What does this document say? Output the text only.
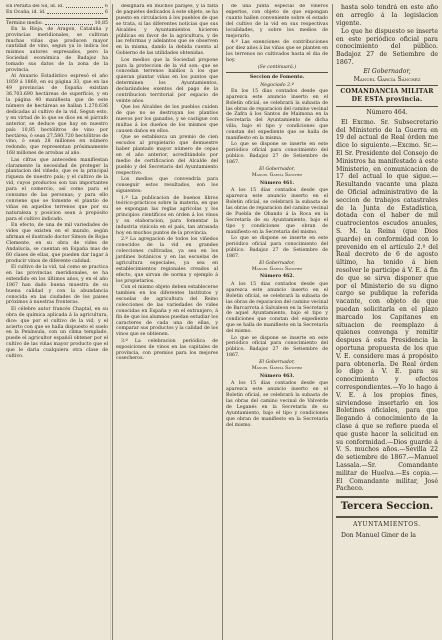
En Peralta del Sil, id. id.	6
En Ocaña, id. id.	6
Termino medio.	10,85

En la Rioja, de Aragon, Cataluña y provincias meridionales, se cultivan muchas viñas que producen mayor cantidad de vino, segun ya lo indica los mismos autores espresados, pero la Sociedad económica de Badajoz ha tomado sus datos de la zona de la provincia.

Al Anuario Estadístico espresó el año 1859 á 1860, en su página 33, que en las 49 provincias de España existian 36.703.690 hectáreas de superficie, y en la página 40 manifiesta que de este número de hectáreas se hallan 1.270.636 dedicadas al cultivo de la vid. Segun esto, y en virtud de lo que se dice en el párrafo anterior, se deduce que hay en nuestro país 10,85 hectólitros de vino por hectárea, ó sean 27,580.720 hectólitros de vino, ó sean 28 millones en número redondo, que representan próximamente 168 millones de arrobas al año.

Las cifras que anteceden manifiestan claramente la necesidad de proteger la plantacion del viñedo, que es la principal riqueza de nuestro país; y el cultivo de la vid, cuyos productos son tan importantes para el comercio, así como para el consumo de las personas; y para ello conviene que se fomente el plantío de viñas en aquellos terrenos que por su naturaleza y posicion sean á propósito para el cultivo indicado.

En efecto, de una de mil variedades de vides que existen en el mundo, según afirman el ilustrado doctor Simon de Rojas Clemente, en su obra de vides de Andalucía, se cuentan en España mas de 60 clases de ellas, que pueden dar lugar á producir vinos de diferente calidad.

El cultivo de la vid, tal como se practica en las provincias meridionales, se ha extendido en los últimos años, y en el año 1867 han dado buena muestra de su buena calidad y con la abundancia conocida en las ciudades de los paises próximos á nuestras fronteras.

El célebre autor francés Chaptal, en su obra de química aplicada á la agricultura, dice: que por el cultivo de la vid, y el acierto con que se halla dispuesto el suelo en la Península, con un clima templado, puede el agricultor españól obtener por el cultivo de las viñas mayor producto que el que le daria cualquiera otra clase de cultivo.

designará en muchos parajes, y la falta de paquetes dedicados á este objeto, se ha puesto en circulacion á los pueblos de que se trata, si las diferentes noticias que sus Alcaldes y Ayuntamientos hicieren públicas en favor de la agricultura, y de las reformas y adelantos que se observen en la misma, dando la debida cuenta al Gobierno de las utilidades obtenidas.

Los medios que la Sociedad propone para la proteccion de la vid son: que se concedan terrenos baldíos á los que quieran plantar viñas en los puntos que determinen los Ayuntamientos, declarándoles exentos del pago de la contribucion territorial por espacio de veinte años.

Que los Alcaldes de los pueblos cuiden de que no se destruyan los plantíos nuevos por los ganados, y se castigue con multas á los dueños de los mismos que causen daños en ellos.

Que se establezca un premio de cien escudos al propietario que demuestre haber plantado mayor número de cepas en el año anterior, acreditándolo por medio de certificacion del Alcalde del pueblo y del Secretario del Ayuntamiento respectivo.

Los medios que convendría para conseguir estos resultados, son los siguientes:

1.º La publicacion de buenos libros teórico-prácticos sobre la materia, en que se expongan las reglas agrícolas y los principios científicos en órden á los vinos y su elaboracion, para fomentar la industria vinícola en el país, tan atrasada hoy en muchos puntos de la provincia.

2.º La agregacion de todos los viñedos conocidos de la vid en grandes colecciones cultivadas, ya sea en los jardines botánicos y en las escuelas de agricultura especiales, ya sea en establecimientos regionales creados al efecto, que sirvan de norma y ejemplo á los propietarios.

Con el mismo objeto deben establecerse tambien en los diferentes Institutos y escuelas de agricultura del Reino colecciones de las variedades de vides conocidas en España y en el extranjero, á fin de que los alumnos puedan estudiar los caracteres de cada una de ellas, y comparar sus productos y la calidad de los vinos que se obtienen.

3.º La celebracion periódica de exposiciones de vinos en las capitales de provincia, con premios para los mejores cosecheros.

de una Junta especial de viñeros expertos, con objeto de que expongan cuanto hallen conveniente sobre el estado del cultivo de la vid en sus respectivas localidades, y sobre los medios de mejorarlo.

4.º Las exenciones de contribuciones por diez años á las viñas que se planten en los terrenos no cultivados hasta el dia de hoy.

(Se continuará.)
Seccion de Fomento.
Negociado 2.º

En los 15 dias contados desde que aparezca este anuncio inserto en el Boletin oficial, se celebrará la subasta de las obras de reparacion del camino vecinal de Zafra á los Santos de Maimona en la Secretaría del Ayuntamiento de dicha villa, bajo el tipo y condiciones que constan del expediente que se halla de manifiesto en la misma.

Lo que se dispone se inserte en este periódico oficial para conocimiento del público. Badajoz 27 de Setiembre de 1867.

El Gobernador,
Manuel García Sánchez
Número 461.

A los 15 dias contados desde que aparezca este anuncio inserto en el Boletin oficial, se celebrará la subasta de las obras de reparacion del camino vecinal de Puebla de Obando á la Roca en la Secretaría de su Ayuntamiento, bajo el tipo y condiciones que obran de manifiesto en la Secretaría del mismo.

Lo que se dispone se inserte en este periódico oficial para conocimiento del público. Badajoz 27 de Setiembre de 1867.

El Gobernador,
Manuel García Sánchez
Número 462.

A los 15 dias contados desde que aparezca este anuncio inserto en el Boletin oficial, se celebrará la subasta de las obras de reparacion del camino vecinal de Barcarrota á Salvaleon en la Secretaría de aquel Ayuntamiento, bajo el tipo y condiciones que constan del expediente que se halla de manifiesto en la Secretaría del mismo.

Lo que se dispone se inserte en este periódico oficial para conocimiento del público. Badajoz 27 de Setiembre de 1867.

El Gobernador,
Manuel García Sánchez
Número 463.

A los 15 dias contados desde que aparezca este anuncio inserto en el Boletin oficial, se celebrará la subasta de las obras del camino vecinal de Valverde de Leganés en la Secretaría de su Ayuntamiento, bajo el tipo y condiciones que obran de manifiesto en la Secretaría del mismo.

hasta solo tendrá en este año en arreglo á la legislacion vigente.

Lo que he dispuesto se inserte en este periódico oficial para conocimiento del público. Badajoz 27 de Setiembre de 1867.

El Gobernador,
Manuel García Sánchez
COMANDANCIA MILITAR DE ESTA provincia.
Número 464.

El Excmo. Sr. Subsecretario del Ministerio de la Guerra en 19 del actual de Real órden me dice lo siguiente.—Excmo. Sr.—El Sr. Presidente del Consejo de Ministros ha manifestado á este Ministerio, en comunicacion de 17 del actual lo que sigue.—Resultando vacante una plaza de Oficial administrativo de la seccion de trabajos catastrales de la Junta de Estadística, dotada con el haber de mil cuatrocientos escudos anuales, S. M. la Reina (que Dios guarde) en conformidad con lo prevenido en el artículo 2.º del Real decreto de 6 de agosto último, ha tenido á bien resolver le participe á V. E. á fin de que se sirva disponer que por el Ministerio de su digno cargo se publique la referida vacante, con objeto de que puedan solicitarla en el plazo marcado los Capitanes en situacion de reemplazo á quienes convenga y remitir despues á esta Presidencia la oportuna propuesta de los que V. E. considere mas á propósito para obtenerla. De Real órden lo digo á V. E. para su conocimiento y efectos correspondientes.—Yo lo hago á V. E. á los propios fines, sirviendose insertarlo en los Boletines oficiales, para que llegando á conocimiento de la clase á que se refiere pueda el que guste hacer la solicitud en su conformidad.—Dios guarde á V. S. muchos años.—Sevilla 22 de setiembre de 1867.—Manuel Lassala.—Sr. Comandante militar de Huelva.—Es copia.—El Comandante militar, José Pacheco.

Tercera Seccion.
AYUNTAMIENTOS.

Don Manuel Giner de la
